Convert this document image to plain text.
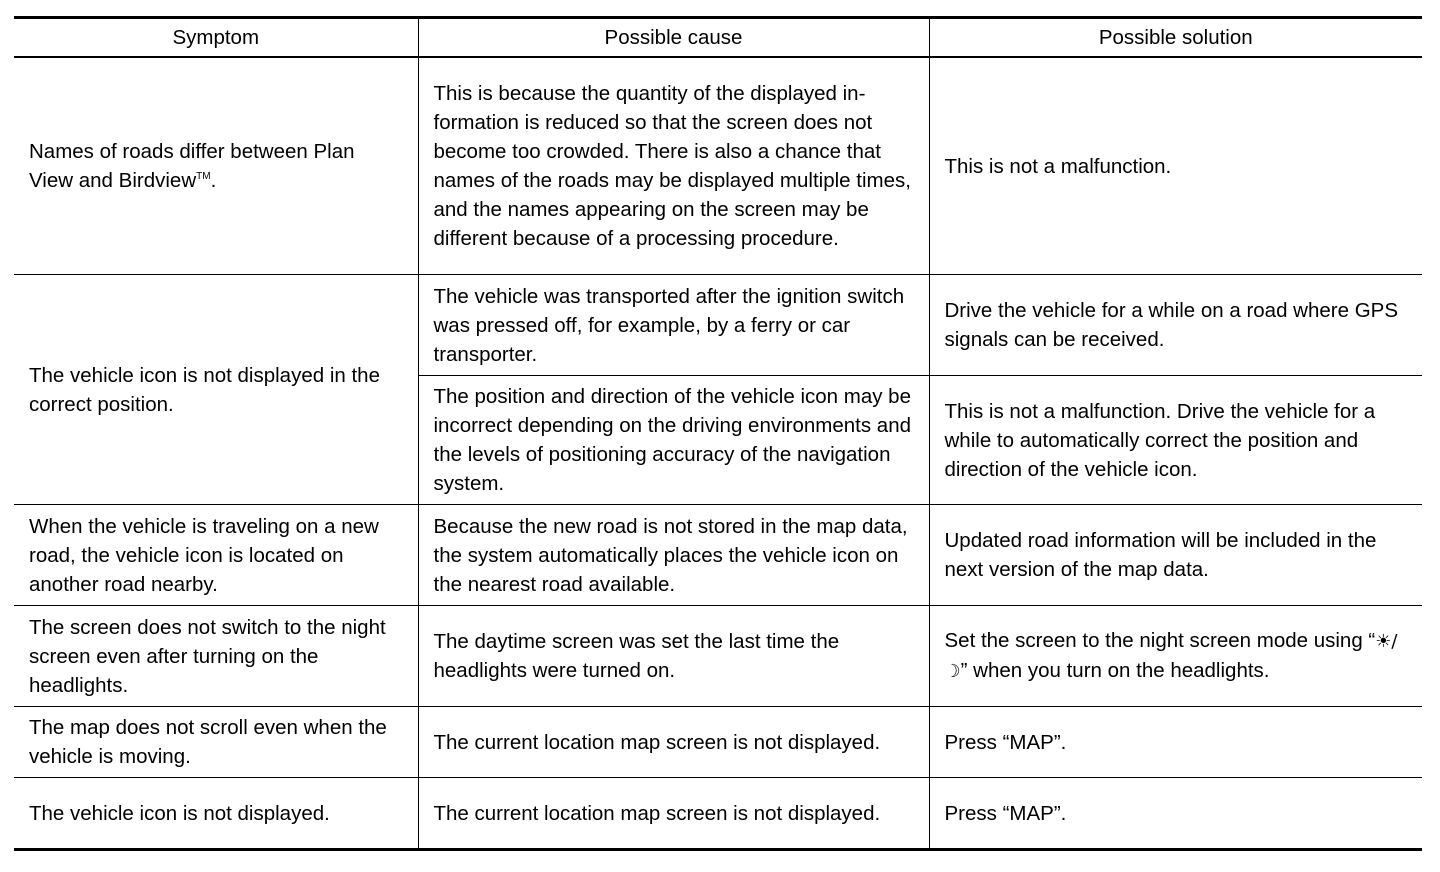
Symptom	Possible cause	Possible solution
Names of roads differ between Plan View and Birdview™.	This is because the quantity of the displayed information is reduced so that the screen does not become too crowded. There is also a chance that names of the roads may be displayed multiple times, and the names appearing on the screen may be different because of a processing procedure.	This is not a malfunction.
The vehicle icon is not displayed in the correct position.	The vehicle was transported after the ignition switch was pressed off, for example, by a ferry or car transporter.	Drive the vehicle for a while on a road where GPS signals can be received.
	The position and direction of the vehicle icon may be incorrect depending on the driving environments and the levels of positioning accuracy of the navigation system.	This is not a malfunction. Drive the vehicle for a while to automatically correct the position and direction of the vehicle icon.
When the vehicle is traveling on a new road, the vehicle icon is located on another road nearby.	Because the new road is not stored in the map data, the system automatically places the vehicle icon on the nearest road available.	Updated road information will be included in the next version of the map data.
The screen does not switch to the night screen even after turning on the headlights.	The daytime screen was set the last time the headlights were turned on.	Set the screen to the night screen mode using “☀/☽” when you turn on the headlights.
The map does not scroll even when the vehicle is moving.	The current location map screen is not displayed.	Press “MAP”.
The vehicle icon is not displayed.	The current location map screen is not displayed.	Press “MAP”.
